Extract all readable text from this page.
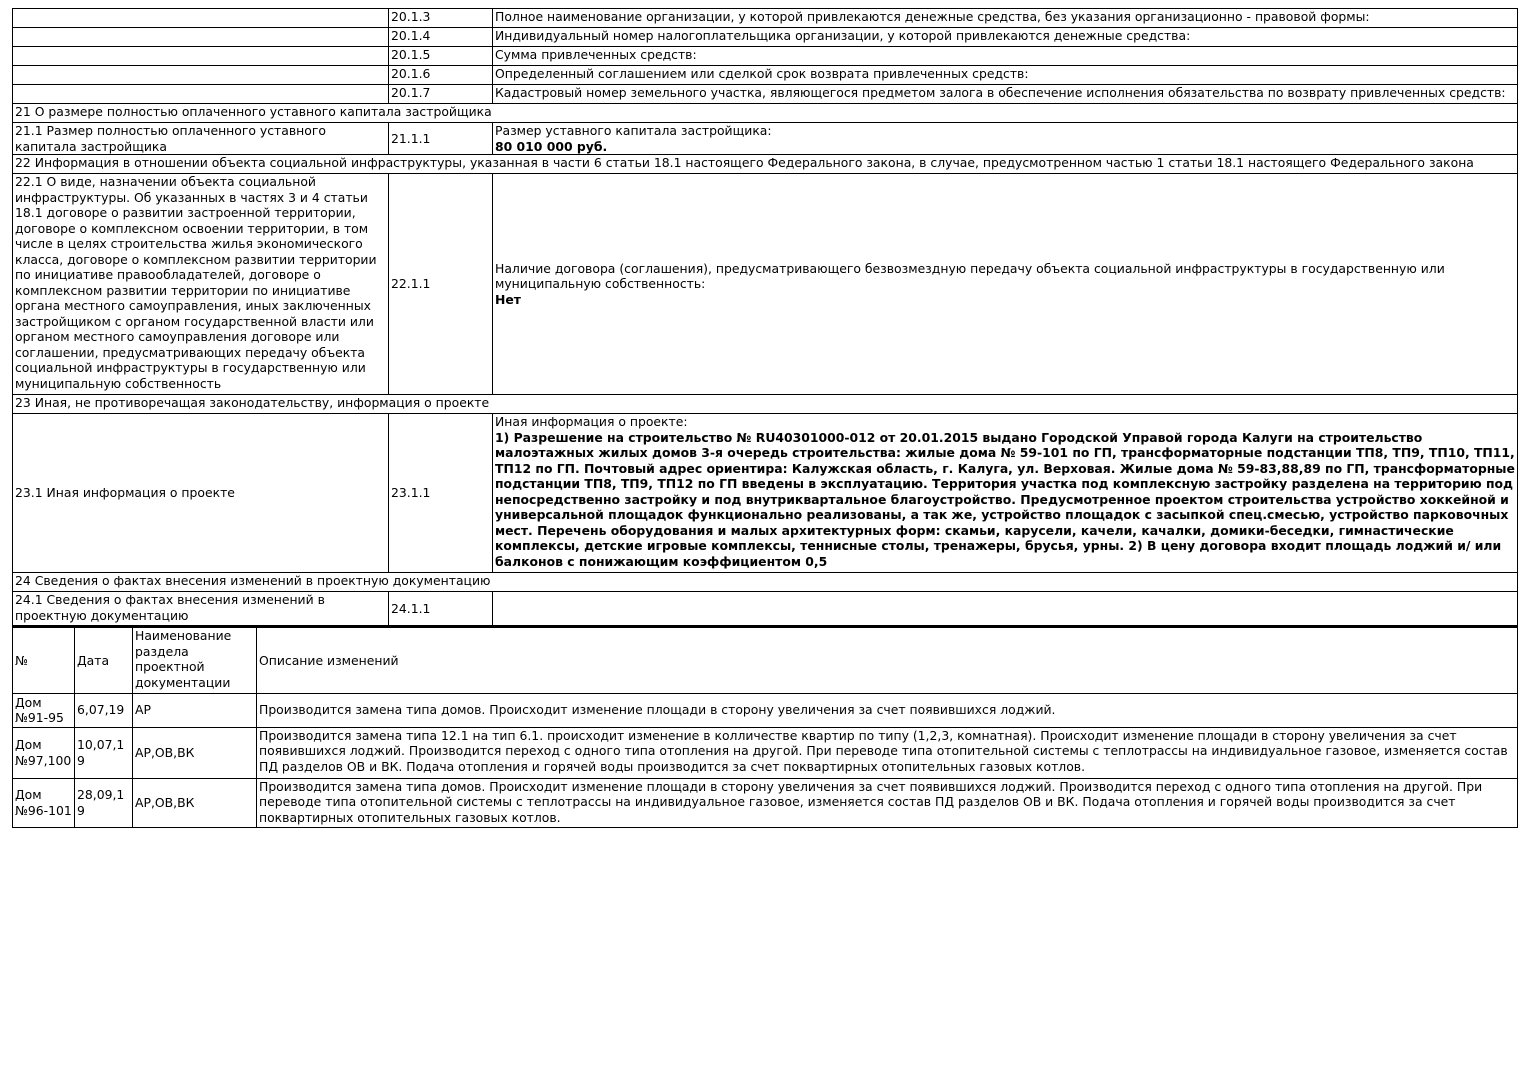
	20.1.3	Полное наименование организации, у которой привлекаются денежные средства, без указания организационно - правовой формы:
	20.1.4	Индивидуальный номер налогоплательщика организации, у которой привлекаются денежные средства:
	20.1.5	Сумма привлеченных средств:
	20.1.6	Определенный соглашением или сделкой срок возврата привлеченных средств:
	20.1.7	Кадастровый номер земельного участка, являющегося предметом залога в обеспечение исполнения обязательства по возврату привлеченных средств:
21 О размере полностью оплаченного уставного капитала застройщика		
21.1 Размер полностью оплаченного уставного капитала застройщика	21.1.1	Размер уставного капитала застройщика:
80 010 000 руб.

22 Информация в отношении объекта социальной инфраструктуры, указанная в части 6 статьи 18.1 настоящего Федерального закона, в случае, предусмотренном частью 1 статьи 18.1 настоящего Федерального закона		
22.1 О виде, назначении объекта социальной инфраструктуры. Об указанных в частях 3 и 4 статьи 18.1 договоре о развитии застроенной территории, договоре о комплексном освоении территории, в том числе в целях строительства жилья экономического класса, договоре о комплексном развитии территории по инициативе правообладателей, договоре о комплексном развитии территории по инициативе органа местного самоуправления, иных заключенных застройщиком с органом государственной власти или органом местного самоуправления договоре или соглашении, предусматривающих передачу объекта социальной инфраструктуры в государственную или муниципальную собственность	22.1.1	Наличие договора (соглашения), предусматривающего безвозмездную передачу объекта социальной инфраструктуры в государственную или муниципальную собственность:
Нет

23 Иная, не противоречащая законодательству, информация о проекте		
23.1 Иная информация о проекте	23.1.1	Иная информация о проекте:
1) Разрешение на строительство № RU40301000-012 от 20.01.2015 выдано Городской Управой города Калуги на строительство малоэтажных жилых домов 3-я очередь строительства: жилые дома № 59-101 по ГП, трансформаторные подстанции ТП8, ТП9, ТП10, ТП11, ТП12 по ГП. Почтовый адрес ориентира: Калужская область, г. Калуга, ул. Верховая. Жилые дома № 59-83,88,89 по ГП, трансформаторные подстанции ТП8, ТП9, ТП12 по ГП введены в эксплуатацию. Территория участка под комплексную застройку разделена на территорию под непосредственно застройку и под внутриквартальное благоустройство. Предусмотренное проектом строительства устройство хоккейной и универсальной площадок функционально реализованы, а так же, устройство площадок с засыпкой спец.смесью, устройство парковочных мест. Перечень оборудования и малых архитектурных форм: скамьи, карусели, качели, качалки, домики-беседки, гимнастические комплексы, детские игровые комплексы, теннисные столы, тренажеры, брусья, урны. 2) В цену договора входит площадь лоджий и/ или балконов с понижающим коэффициентом 0,5

24 Сведения о фактах внесения изменений в проектную документацию		
24.1 Сведения о фактах внесения изменений в проектную документацию	24.1.1	
№	Дата	Наименование раздела проектной документации	Описание изменений
Дом №91-95	6,07,19	АР	Производится замена типа домов. Происходит изменение площади в сторону увеличения за счет появившихся лоджий.
Дом №97,100	10,07,19	АР,ОВ,ВК	Производится замена типа 12.1 на тип 6.1. происходит изменение в колличестве квартир по типу (1,2,3, комнатная). Происходит изменение площади в сторону увеличения за счет появившихся лоджий. Производится переход с одного типа отопления на другой. При переводе типа отопительной системы с теплотрассы на индивидуальное газовое, изменяется состав ПД разделов ОВ и ВК. Подача отопления и горячей воды производится за счет поквартирных отопительных газовых котлов.
Дом №96-101	28,09,19	АР,ОВ,ВК	Производится замена типа домов. Происходит изменение площади в сторону увеличения за счет появившихся лоджий. Производится переход с одного типа отопления на другой. При переводе типа отопительной системы с теплотрассы на индивидуальное газовое, изменяется состав ПД разделов ОВ и ВК. Подача отопления и горячей воды производится за счет поквартирных отопительных газовых котлов.
